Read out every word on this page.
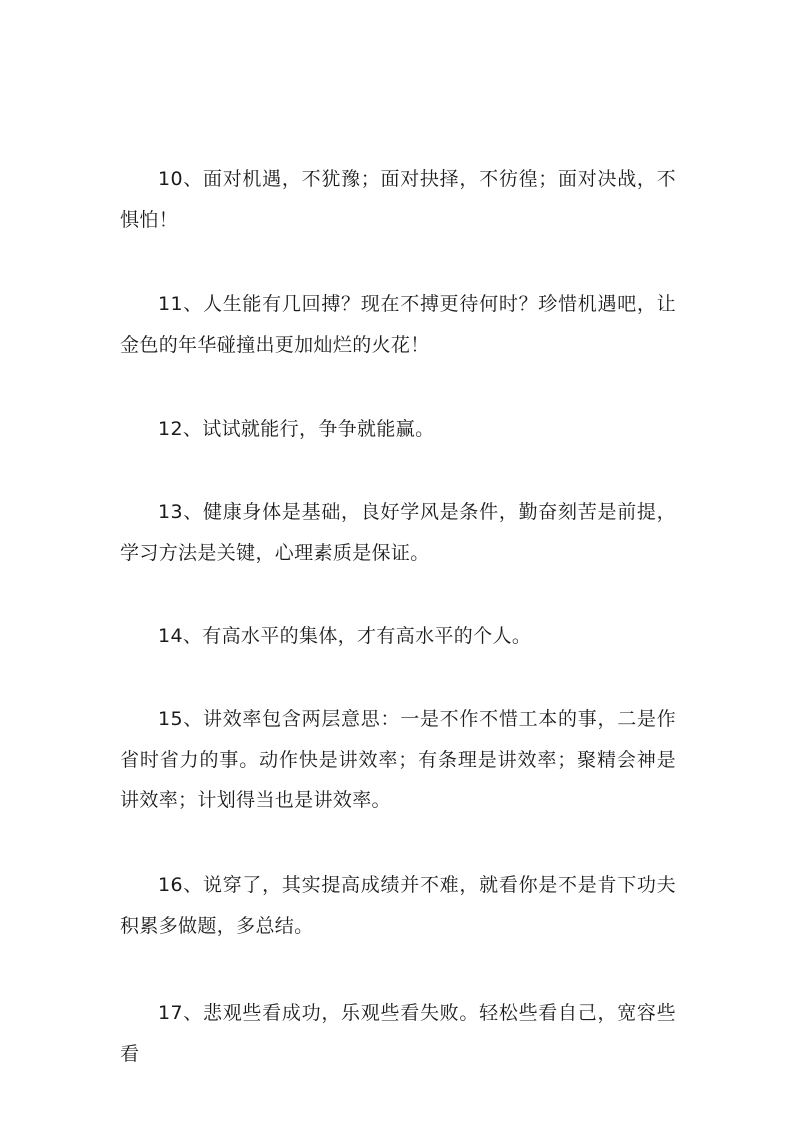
10、面对机遇，不犹豫；面对抉择，不彷徨；面对决战，不惧怕！

11、人生能有几回搏？现在不搏更待何时？珍惜机遇吧，让金色的年华碰撞出更加灿烂的火花！

12、试试就能行，争争就能赢。

13、健康身体是基础，良好学风是条件，勤奋刻苦是前提，学习方法是关键，心理素质是保证。

14、有高水平的集体，才有高水平的个人。

15、讲效率包含两层意思：一是不作不惜工本的事，二是作省时省力的事。动作快是讲效率；有条理是讲效率；聚精会神是讲效率；计划得当也是讲效率。

16、说穿了，其实提高成绩并不难，就看你是不是肯下功夫积累多做题，多总结。

17、悲观些看成功，乐观些看失败。轻松些看自己，宽容些看
